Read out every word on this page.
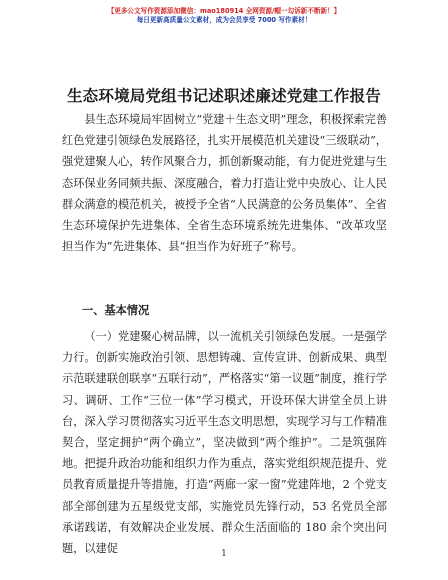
【更多公文写作资源添加微信：mao180914 全网资源/帽一勾诉新不断新！】
每日更新高质量公文素材，成为会员享受 7000 写作素材！
生态环境局党组书记述职述廉述党建工作报告

县生态环境局牢固树立“党建＋生态文明”理念，积极探索完善红色党建引领绿色发展路径，扎实开展模范机关建设“三级联动”，强党建聚人心，转作风聚合力，抓创新聚动能，有力促进党建与生态环保业务同频共振、深度融合，着力打造让党中央放心、让人民群众满意的模范机关，被授予全省“人民满意的公务员集体”、全省生态环境保护先进集体、全省生态环境系统先进集体、“改革攻坚担当作为”先进集体、县“担当作为好班子”称号。

一、基本情况

（一）党建聚心树品牌，以一流机关引领绿色发展。一是强学力行。创新实施政治引领、思想铸魂、宣传宣讲、创新成果、典型示范联建联创联享“五联行动”，严格落实“第一议题”制度，推行学习、调研、工作“三位一体”学习模式，开设环保大讲堂全员上讲台，深入学习贯彻落实习近平生态文明思想，实现学习与工作精准契合，坚定拥护“两个确立”，坚决做到“两个维护”。二是筑强阵地。把提升政治功能和组织力作为重点，落实党组织规范提升、党员教育质量提升等措施，打造“两廊一家一窗”党建阵地，2 个党支部全部创建为五星级党支部，实施党员先锋行动，53 名党员全部承诺践诺，有效解决企业发展、群众生活面临的 180 余个突出问题，以建促	1
